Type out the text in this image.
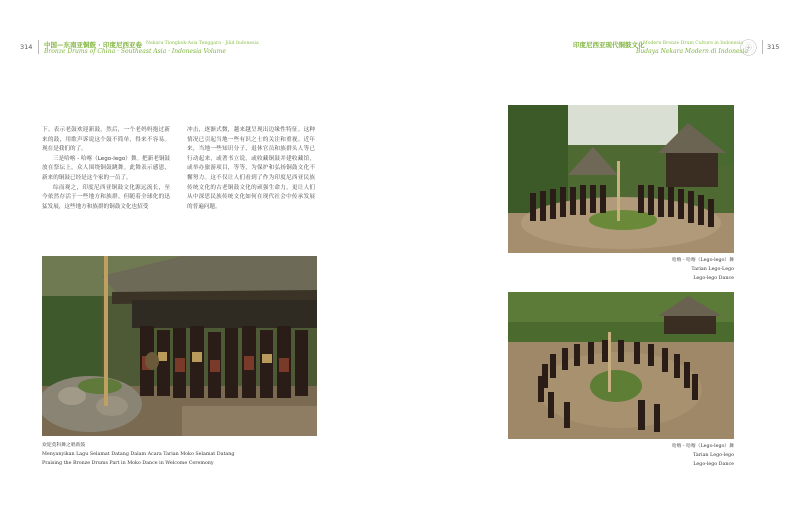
314 中国—东南亚铜鼓 · 印度尼西亚卷 Nekara Tiongkok-Asia Tenggara · Jilid Indonesia
Bronze Drums of China · Southeast Asia · Indonesia Volume
印度尼西亚现代铜鼓文化
Modern Bronze Drum Culture in Indonesia
Budaya Nekara Modern di Indonesia
315

下。表示老鼓欢迎新鼓。然后，一个老妈妈抱过新来的鼓，用歌声诉说这个鼓不简单，得来不容易。现在是我们的了。

三是哈喀 - 哈喀（Lego-lego）舞。把新老铜鼓放在祭坛上，众人围绕铜鼓跳舞。此舞表示感恩，新来的铜鼓已经是这个家的一员了。

综而观之，印度尼西亚铜鼓文化源远流长，至今依然存活于一些地方和族群。但随着全球化的迅猛发展，这些地方和族群的铜鼓文化也招受

冲击，逐渐式微，越来越呈现出边缘性特征。这种情况已引起当地一些有识之士的关注和重视。近年来，当地一些知识分子、退休官员和族群头人等已行动起来，或著书立说，或收藏铜鼓并建收藏馆，或举办旅游项目，等等，为保护和弘扬铜鼓文化不懈努力。这不仅让人们看到了作为印度尼西亚民族传统文化的古老铜鼓文化的顽强生命力，更让人们从中深思民族传统文化如何在现代社会中传承发展的普遍问题。

欢迎莫科舞之唱新鼓
Menyanyikan Lagu Selamat Datang Dalam Acara Tarian Moko Selamat Datang
Praising the Bronze Drums Part in Moko Dance in Welcome Ceremony
哈喀 - 哈喀（Lego-lego）舞
Tarian Lego-Lego
Lego-lego Dance
哈喀 - 哈喀（Lego-lego）舞
Tarian Lego-lego
Lego-lego Dance
